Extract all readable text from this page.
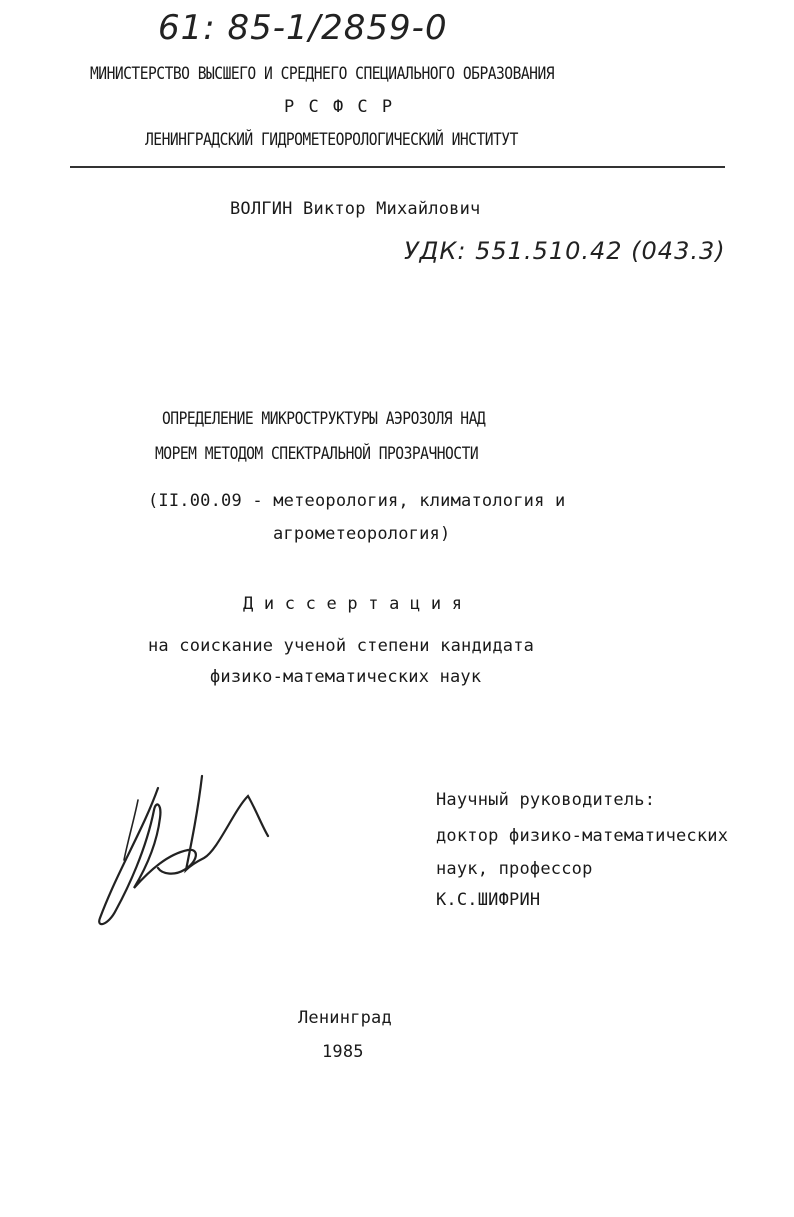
61: 85-1/2859-0
МИНИСТЕРСТВО ВЫСШЕГО И СРЕДНЕГО СПЕЦИАЛЬНОГО ОБРАЗОВАНИЯ
Р С Ф С Р
ЛЕНИНГРАДСКИЙ ГИДРОМЕТЕОРОЛОГИЧЕСКИЙ ИНСТИТУТ
ВОЛГИН Виктор Михайлович
УДК: 551.510.42 (043.3)
ОПРЕДЕЛЕНИЕ МИКРОСТРУКТУРЫ АЭРОЗОЛЯ НАД
МОРЕМ МЕТОДОМ СПЕКТРАЛЬНОЙ ПРОЗРАЧНОСТИ
(II.00.09 - метеорология, климатология и
агрометеорология)
Д и с с е р т а ц и я
на соискание ученой степени кандидата
физико-математических наук
Научный руководитель:
доктор физико-математических
наук, профессор
К.С.ШИФРИН
Ленинград
1985
